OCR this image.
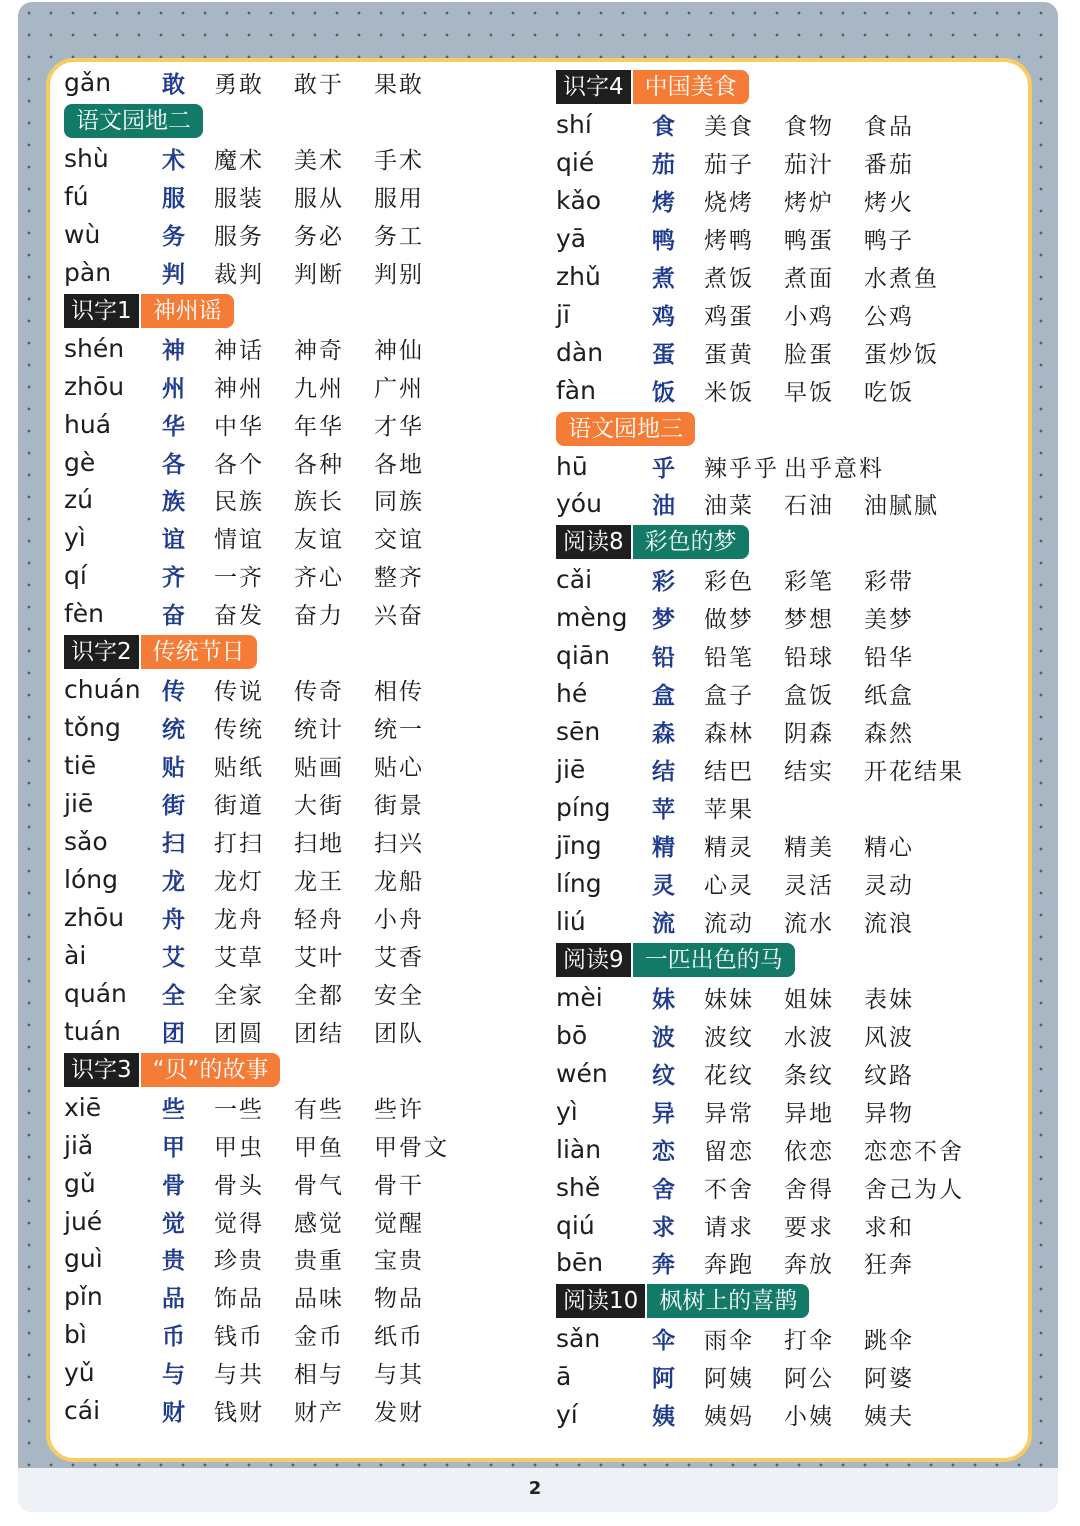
gǎn 敢 勇敢 敢于 果敢
语文园地二
shù 术 魔术 美术 手术
fú	服 服装 服从 服用
wù	务 服务 务必 务工
pàn 判 裁判 判断 判别
识字1 神州谣
shén 神 神话 神奇 神仙
zhōu 州 神州 九州 广州
huá 华 中华 年华 才华
gè	各 各个 各种 各地
zú	族 民族 族长 同族
yì	谊 情谊 友谊 交谊
qí	齐 一齐 齐心 整齐
fèn	奋 奋发 奋力 兴奋
识字2 传统节日
chuán 传 传说 传奇 相传
tǒng 统 传统 统计 统一
tiē	贴 贴纸 贴画 贴心
jiē	街 街道 大街 街景
sǎo 扫 打扫 扫地 扫兴
lóng 龙 龙灯 龙王 龙船
zhōu 舟 龙舟 轻舟 小舟
ài	艾 艾草 艾叶 艾香
quán 全 全家 全都 安全
tuán 团 团圆 团结 团队
识字3 “贝”的故事
xiē	些 一些 有些 些许
jiǎ	甲 甲虫 甲鱼 甲骨文
gǔ	骨 骨头 骨气 骨干
jué	觉 觉得 感觉 觉醒
guì	贵 珍贵 贵重 宝贵
pǐn	品 饰品 品味 物品
bì	币 钱币 金币 纸币
yǔ	与 与共 相与 与其
cái	财 钱财 财产 发财
识字4 中国美食
shí	食 美食 食物 食品
qié	茄 茄子 茄汁 番茄
kǎo 烤 烧烤 烤炉 烤火
yā	鸭 烤鸭 鸭蛋 鸭子
zhǔ 煮 煮饭 煮面 水煮鱼
jī	鸡 鸡蛋 小鸡 公鸡
dàn 蛋 蛋黄 脸蛋 蛋炒饭
fàn 饭 米饭 早饭 吃饭
语文园地三
hū	乎 辣乎乎 出乎意料
yóu 油 油菜 石油 油腻腻
阅读8 彩色的梦
cǎi	彩 彩色 彩笔 彩带
mèng 梦 做梦 梦想 美梦
qiān 铅 铅笔 铅球 铅华
hé	盒 盒子 盒饭 纸盒
sēn 森 森林 阴森 森然
jiē	结 结巴 结实 开花结果
píng 苹 苹果
jīng 精 精灵 精美 精心
líng 灵 心灵 灵活 灵动
liú	流 流动 流水 流浪
阅读9 一匹出色的马
mèi 妹 妹妹 姐妹 表妹
bō	波 波纹 水波 风波
wén 纹 花纹 条纹 纹路
yì	异 异常 异地 异物
liàn 恋 留恋 依恋 恋恋不舍
shě 舍 不舍 舍得 舍己为人
qiú 求 请求 要求 求和
bēn 奔 奔跑 奔放 狂奔
阅读10 枫树上的喜鹊
sǎn 伞 雨伞 打伞 跳伞
ā	阿 阿姨 阿公 阿婆
yí	姨 姨妈 小姨 姨夫
2
